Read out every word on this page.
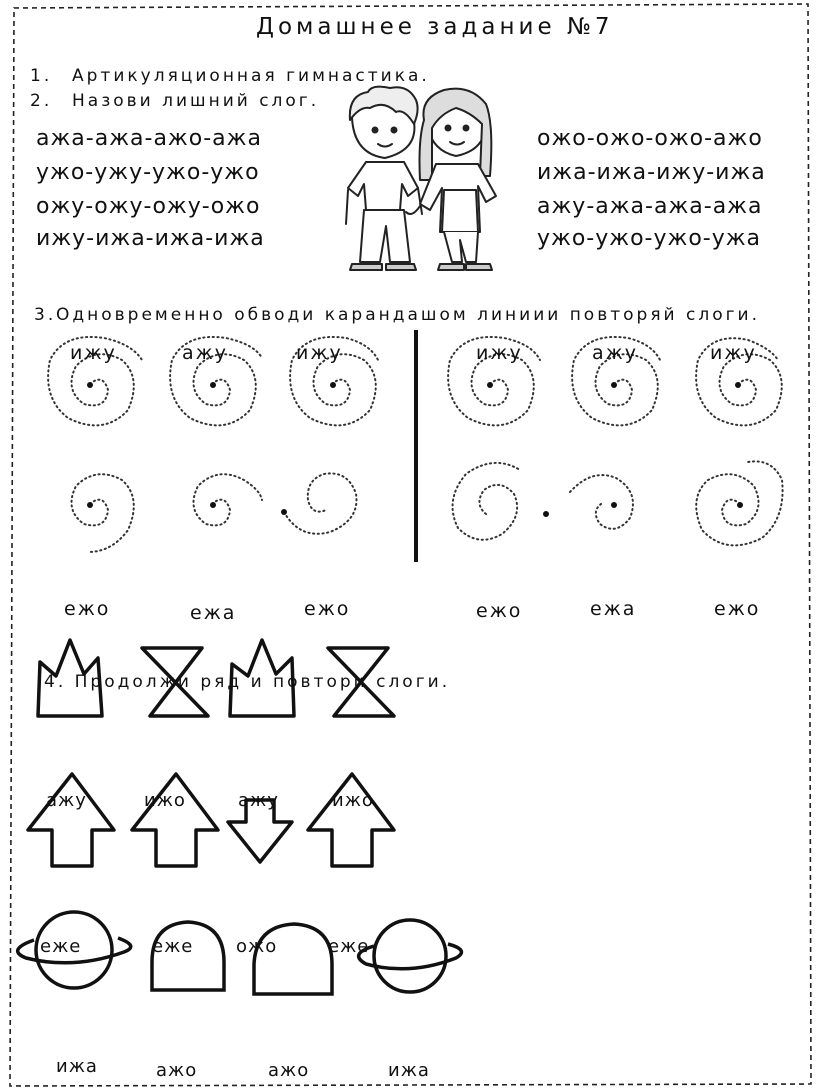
Домашнее задание №7
1. Артикуляционная гимнастика.
2. Назови лишний слог.
ажа-ажа-ажо-ажа
ужо-ужу-ужо-ужо
ожу-ожу-ожу-ожо
ижу-ижа-ижа-ижа
ожо-ожо-ожо-ажо
ижа-ижа-ижу-ижа
ажу-ажа-ажа-ажа
ужо-ужо-ужо-ужа
3. Одновременно обводи карандашом линиии повторяй слоги.
ижу	ажу	ижу	ижу	ажу	ижу
ежо	ежа	ежо	ежо	ежа	ежо
4. Продолжи ряд и повтори слоги.
ажу	ижо	ажу	ижо
еже	еже ожо	еже
ижа	ажо	ажо	ижа
